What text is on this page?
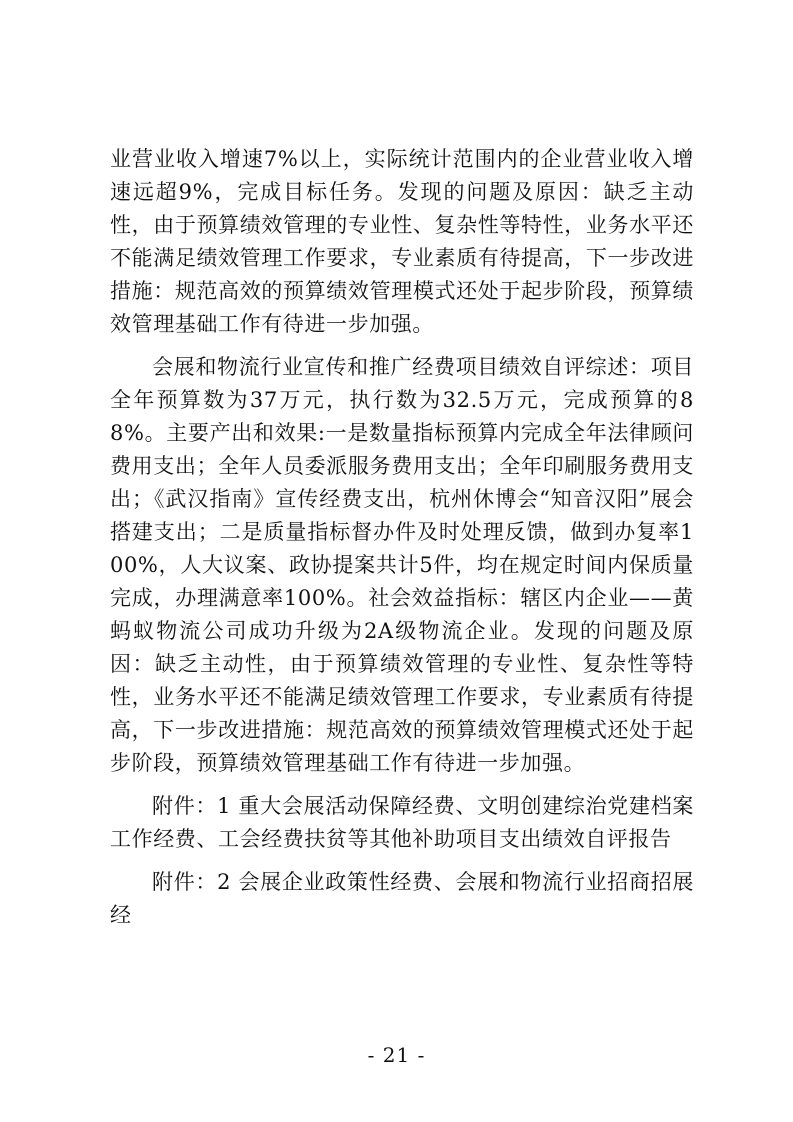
业营业收入增速7%以上，实际统计范围内的企业营业收入增速远超9%，完成目标任务。发现的问题及原因：缺乏主动性，由于预算绩效管理的专业性、复杂性等特性，业务水平还不能满足绩效管理工作要求，专业素质有待提高，下一步改进措施：规范高效的预算绩效管理模式还处于起步阶段，预算绩效管理基础工作有待进一步加强。

会展和物流行业宣传和推广经费项目绩效自评综述：项目全年预算数为37万元，执行数为32.5万元，完成预算的88%。主要产出和效果:一是数量指标预算内完成全年法律顾问费用支出；全年人员委派服务费用支出；全年印刷服务费用支出；《武汉指南》宣传经费支出，杭州休博会“知音汉阳”展会搭建支出；二是质量指标督办件及时处理反馈，做到办复率100%，人大议案、政协提案共计5件，均在规定时间内保质量完成，办理满意率100%。社会效益指标：辖区内企业——黄蚂蚁物流公司成功升级为2A级物流企业。发现的问题及原因：缺乏主动性，由于预算绩效管理的专业性、复杂性等特性，业务水平还不能满足绩效管理工作要求，专业素质有待提高，下一步改进措施：规范高效的预算绩效管理模式还处于起步阶段，预算绩效管理基础工作有待进一步加强。

附件：1 重大会展活动保障经费、文明创建综治党建档案工作经费、工会经费扶贫等其他补助项目支出绩效自评报告

附件：2 会展企业政策性经费、会展和物流行业招商招展经

- 21 -
